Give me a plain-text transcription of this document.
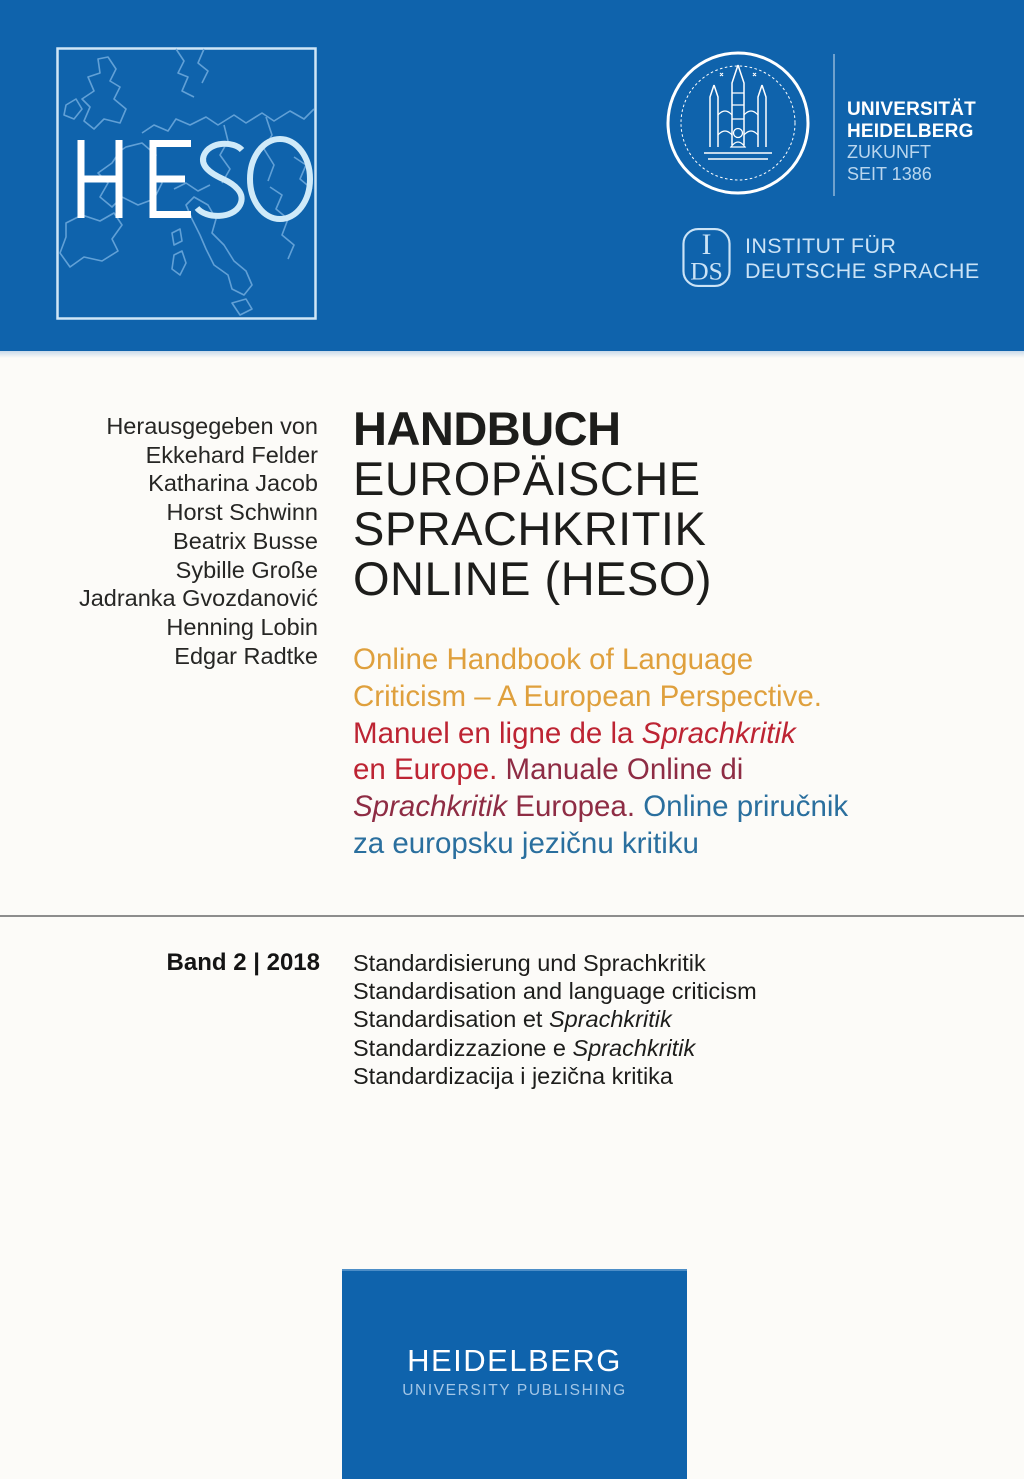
UNIVERSITÄT
HEIDELBERG
ZUKUNFT
SEIT 1386
I
DS
INSTITUT FÜR
DEUTSCHE SPRACHE
Herausgegeben von
Ekkehard Felder
Katharina Jacob
Horst Schwinn
Beatrix Busse
Sybille Große
Jadranka Gvozdanović
Henning Lobin
Edgar Radtke
HANDBUCH
EUROPÄISCHE
SPRACHKRITIK
ONLINE (HESO)

Online Handbook of Language
Criticism – A European Perspective.
Manuel en ligne de la Sprachkritik
en Europe. Manuale Online di
Sprachkritik Europea. Online priručnik
za europsku jezičnu kritiku

Band 2 | 2018 Standardisierung und Sprachkritik
Standardisation and language criticism
Standardisation et Sprachkritik
Standardizzazione e Sprachkritik
Standardizacija i jezična kritika
HEIDELBERG
UNIVERSITY PUBLISHING
